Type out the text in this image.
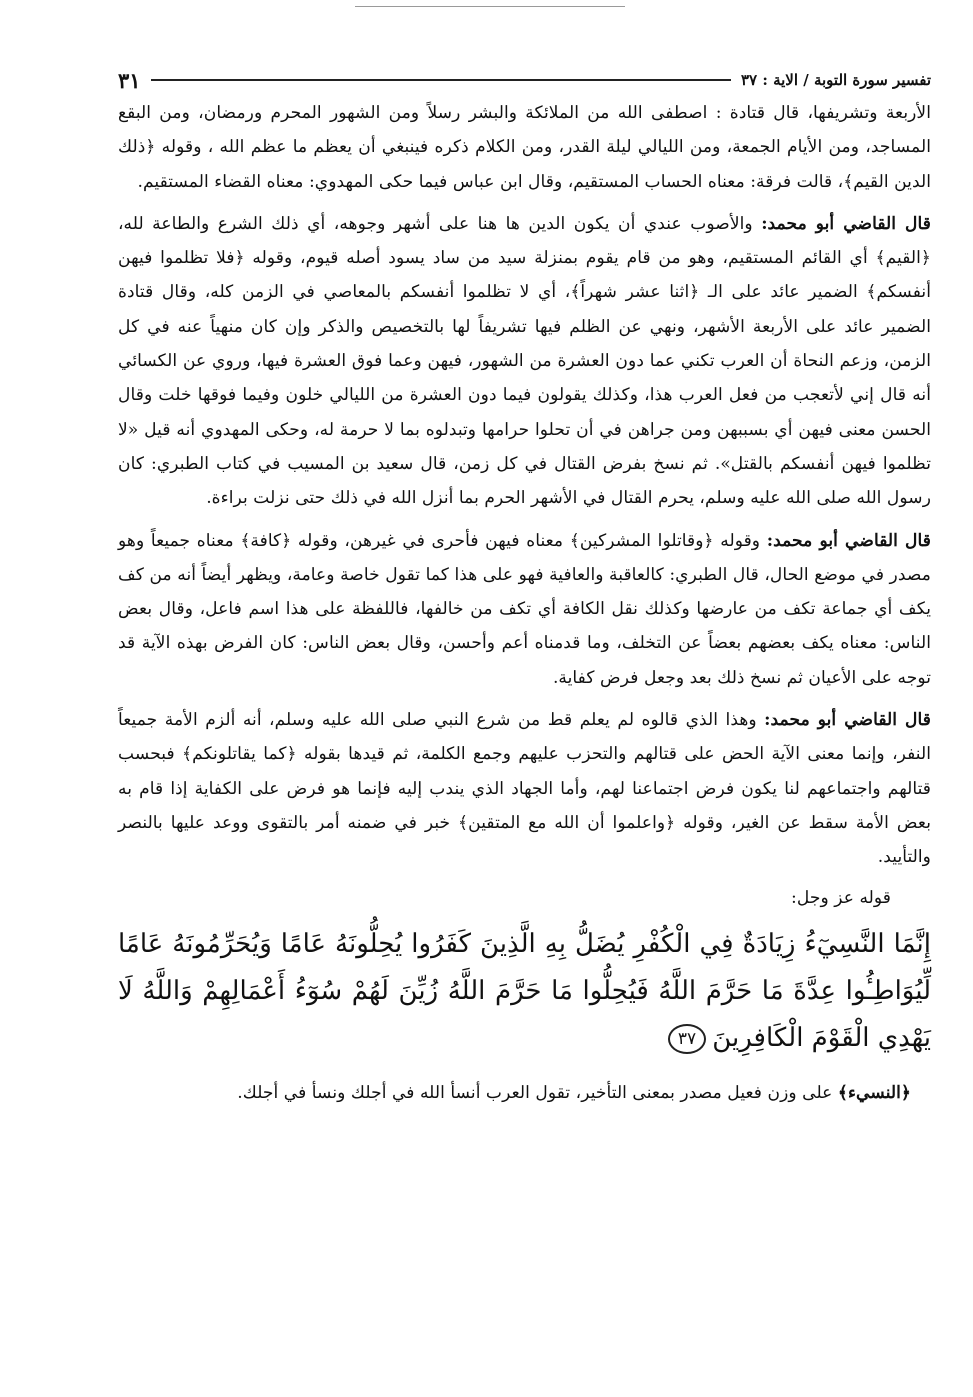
تفسير سورة التوبة / الاية : ٣٧
٣١

الأربعة وتشريفها، قال قتادة : اصطفى الله من الملائكة والبشر رسلاً ومن الشهور المحرم ورمضان، ومن البقع المساجد، ومن الأيام الجمعة، ومن الليالي ليلة القدر، ومن الكلام ذكره فينبغي أن يعظم ما عظم الله ، وقوله ﴿ذلك الدين القيم﴾، قالت فرقة: معناه الحساب المستقيم، وقال ابن عباس فيما حكى المهدوي: معناه القضاء المستقيم.

قال القاضي أبو محمد: والأصوب عندي أن يكون الدين ها هنا على أشهر وجوهه، أي ذلك الشرع والطاعة لله، ﴿القيم﴾ أي القائم المستقيم، وهو من قام يقوم بمنزلة سيد من ساد يسود أصله قيوم، وقوله ﴿فلا تظلموا فيهن أنفسكم﴾ الضمير عائد على الـ ﴿اثنا عشر شهراً﴾، أي لا تظلموا أنفسكم بالمعاصي في الزمن كله، وقال قتادة الضمير عائد على الأربعة الأشهر، ونهي عن الظلم فيها تشريفاً لها بالتخصيص والذكر وإن كان منهياً عنه في كل الزمن، وزعم النحاة أن العرب تكني عما دون العشرة من الشهور، فيهن وعما فوق العشرة فيها، وروي عن الكسائي أنه قال إني لأتعجب من فعل العرب هذا، وكذلك يقولون فيما دون العشرة من الليالي خلون وفيما فوقها خلت وقال الحسن معنى فيهن أي بسببهن ومن جراهن في أن تحلوا حرامها وتبدلوه بما لا حرمة له، وحكى المهدوي أنه قيل «لا تظلموا فيهن أنفسكم بالقتل». ثم نسخ بفرض القتال في كل زمن، قال سعيد بن المسيب في كتاب الطبري: كان رسول الله صلى الله عليه وسلم، يحرم القتال في الأشهر الحرم بما أنزل الله في ذلك حتى نزلت براءة.

قال القاضي أبو محمد: وقوله ﴿وقاتلوا المشركين﴾ معناه فيهن فأحرى في غيرهن، وقوله ﴿كافة﴾ معناه جميعاً وهو مصدر في موضع الحال، قال الطبري: كالعاقبة والعافية فهو على هذا كما تقول خاصة وعامة، ويظهر أيضاً أنه من كف يكف أي جماعة تكف من عارضها وكذلك نقل الكافة أي تكف من خالفها، فاللفظة على هذا اسم فاعل، وقال بعض الناس: معناه يكف بعضهم بعضاً عن التخلف، وما قدمناه أعم وأحسن، وقال بعض الناس: كان الفرض بهذه الآية قد توجه على الأعيان ثم نسخ ذلك بعد وجعل فرض كفاية.

قال القاضي أبو محمد: وهذا الذي قالوه لم يعلم قط من شرع النبي صلى الله عليه وسلم، أنه ألزم الأمة جميعاً النفر، وإنما معنى الآية الحض على قتالهم والتحزب عليهم وجمع الكلمة، ثم قيدها بقوله ﴿كما يقاتلونكم﴾ فبحسب قتالهم واجتماعهم لنا يكون فرض اجتماعنا لهم، وأما الجهاد الذي يندب إليه فإنما هو فرض على الكفاية إذا قام به بعض الأمة سقط عن الغير، وقوله ﴿واعلموا أن الله مع المتقين﴾ خبر في ضمنه أمر بالتقوى ووعد عليها بالنصر والتأييد.

قوله عز وجل:

إِنَّمَا النَّسِيٓءُ زِيَادَةٌ فِي الْكُفْرِ يُضَلُّ بِهِ الَّذِينَ كَفَرُوا يُحِلُّونَهُ عَامًا وَيُحَرِّمُونَهُ عَامًا لِّيُوَاطِـُٔوا عِدَّةَ مَا حَرَّمَ اللَّهُ فَيُحِلُّوا مَا حَرَّمَ اللَّهُ زُيِّنَ لَهُمْ سُوٓءُ أَعْمَالِهِمْ وَاللَّهُ لَا يَهْدِي الْقَوْمَ الْكَافِرِينَ٣٧

﴿النسيء﴾ على وزن فعيل مصدر بمعنى التأخير، تقول العرب أنسأ الله في أجلك ونسأ في أجلك.
